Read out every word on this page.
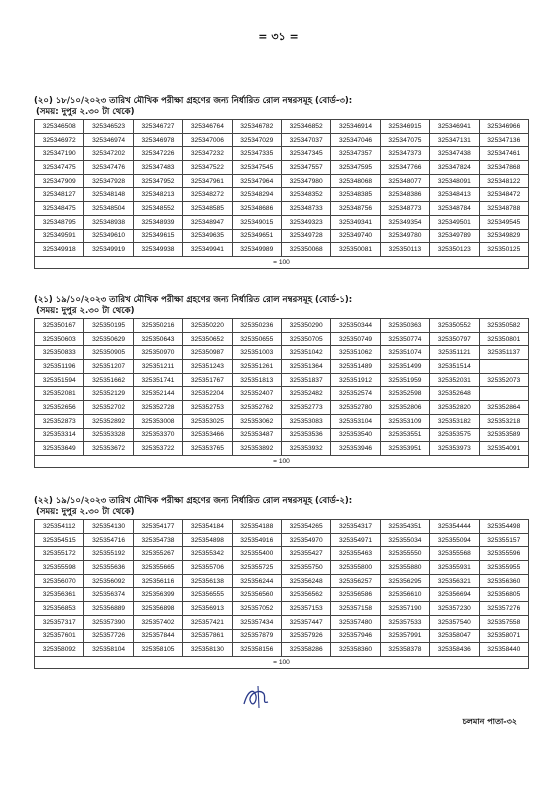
= ৩১ =
(২০) ১৮/১০/২০২৩ তারিখ মৌখিক পরীক্ষা গ্রহণের জন্য নির্ধারিত রোল নম্বরসমূহ (বোর্ড-৩):
(সময়: দুপুর ২.৩০ টা থেকে)
325346508	325346523	325346727	325346764	325346782	325346852	325346914	325346915	325346941	325346966
325346972	325346974	325346978	325347006	325347029	325347037	325347046	325347075	325347131	325347136
325347190	325347202	325347226	325347232	325347335	325347345	325347357	325347373	325347438	325347461
325347475	325347476	325347483	325347522	325347545	325347557	325347595	325347766	325347824	325347868
325347909	325347928	325347952	325347961	325347964	325347980	325348068	325348077	325348091	325348122
325348127	325348148	325348213	325348272	325348294	325348352	325348385	325348386	325348413	325348472
325348475	325348504	325348552	325348585	325348686	325348733	325348756	325348773	325348784	325348788
325348795	325348938	325348939	325348947	325349015	325349323	325349341	325349354	325349501	325349545
325349591	325349610	325349615	325349635	325349651	325349728	325349740	325349780	325349789	325349829
325349918	325349919	325349938	325349941	325349989	325350068	325350081	325350113	325350123	325350125
= 100									
(২১) ১৯/১০/২০২৩ তারিখ মৌখিক পরীক্ষা গ্রহণের জন্য নির্ধারিত রোল নম্বরসমূহ (বোর্ড-১):
(সময়: দুপুর ২.৩০ টা থেকে)
325350167	325350195	325350216	325350220	325350236	325350290	325350344	325350363	325350552	325350582
325350603	325350629	325350643	325350652	325350655	325350705	325350749	325350774	325350797	325350801
325350833	325350905	325350970	325350987	325351003	325351042	325351062	325351074	325351121	325351137
325351196	325351207	325351211	325351243	325351261	325351364	325351489	325351499	325351514	
325351594	325351662	325351741	325351767	325351813	325351837	325351912	325351959	325352031	325352073
325352081	325352129	325352144	325352204	325352407	325352482	325352574	325352598	325352648	
325352656	325352702	325352728	325352753	325352762	325352773	325352780	325352806	325352820	325352864
325352873	325352892	325353008	325353025	325353062	325353083	325353104	325353109	325353182	325353218
325353314	325353328	325353370	325353466	325353487	325353536	325353540	325353551	325353575	325353589
325353649	325353672	325353722	325353765	325353892	325353932	325353946	325353951	325353973	325354091
= 100									
(২২) ১৯/১০/২০২৩ তারিখ মৌখিক পরীক্ষা গ্রহণের জন্য নির্ধারিত রোল নম্বরসমূহ (বোর্ড-২):
(সময়: দুপুর ২.৩০ টা থেকে)
325354112	325354130	325354177	325354184	325354188	325354265	325354317	325354351	325354444	325354498
325354515	325354716	325354738	325354898	325354916	325354970	325354971	325355034	325355094	325355157
325355172	325355192	325355267	325355342	325355400	325355427	325355463	325355550	325355568	325355596
325355598	325355636	325355665	325355706	325355725	325355750	325355800	325355880	325355931	325355955
325356070	325356092	325356116	325356138	325356244	325356248	325356257	325356295	325356321	325356360
325356361	325356374	325356399	325356555	325356560	325356562	325356586	325356610	325356694	325356805
325356853	325356889	325356898	325356913	325357052	325357153	325357158	325357190	325357230	325357276
325357317	325357390	325357402	325357421	325357434	325357447	325357480	325357533	325357540	325357558
325357601	325357726	325357844	325357861	325357879	325357926	325357946	325357991	325358047	325358071
325358092	325358104	325358105	325358130	325358156	325358286	325358360	325358378	325358436	325358440
= 100									
চলমান পাতা-৩২
